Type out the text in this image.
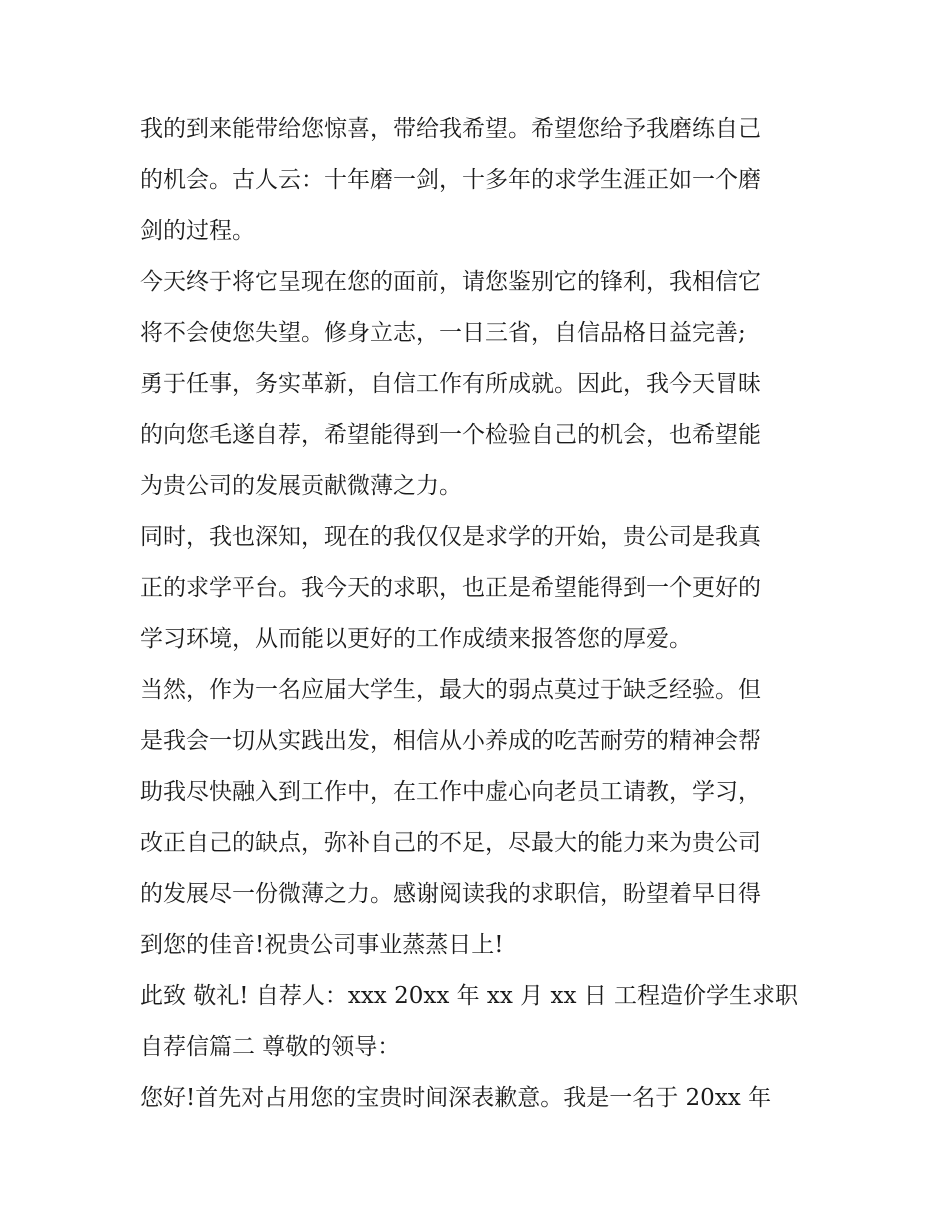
我的到来能带给您惊喜，带给我希望。希望您给予我磨练自己
的机会。古人云：十年磨一剑，十多年的求学生涯正如一个磨
剑的过程。
今天终于将它呈现在您的面前，请您鉴别它的锋利，我相信它
将不会使您失望。修身立志，一日三省，自信品格日益完善;
勇于任事，务实革新，自信工作有所成就。因此，我今天冒昧
的向您毛遂自荐，希望能得到一个检验自己的机会，也希望能
为贵公司的发展贡献微薄之力。
同时，我也深知，现在的我仅仅是求学的开始，贵公司是我真
正的求学平台。我今天的求职，也正是希望能得到一个更好的
学习环境，从而能以更好的工作成绩来报答您的厚爱。
当然，作为一名应届大学生，最大的弱点莫过于缺乏经验。但
是我会一切从实践出发，相信从小养成的吃苦耐劳的精神会帮
助我尽快融入到工作中，在工作中虚心向老员工请教，学习，
改正自己的缺点，弥补自己的不足，尽最大的能力来为贵公司
的发展尽一份微薄之力。感谢阅读我的求职信，盼望着早日得
到您的佳音!祝贵公司事业蒸蒸日上!
此致 敬礼! 自荐人：xxx 20xx 年 xx 月 xx 日 工程造价学生求职
自荐信篇二 尊敬的领导：
您好!首先对占用您的宝贵时间深表歉意。我是一名于 20xx 年
